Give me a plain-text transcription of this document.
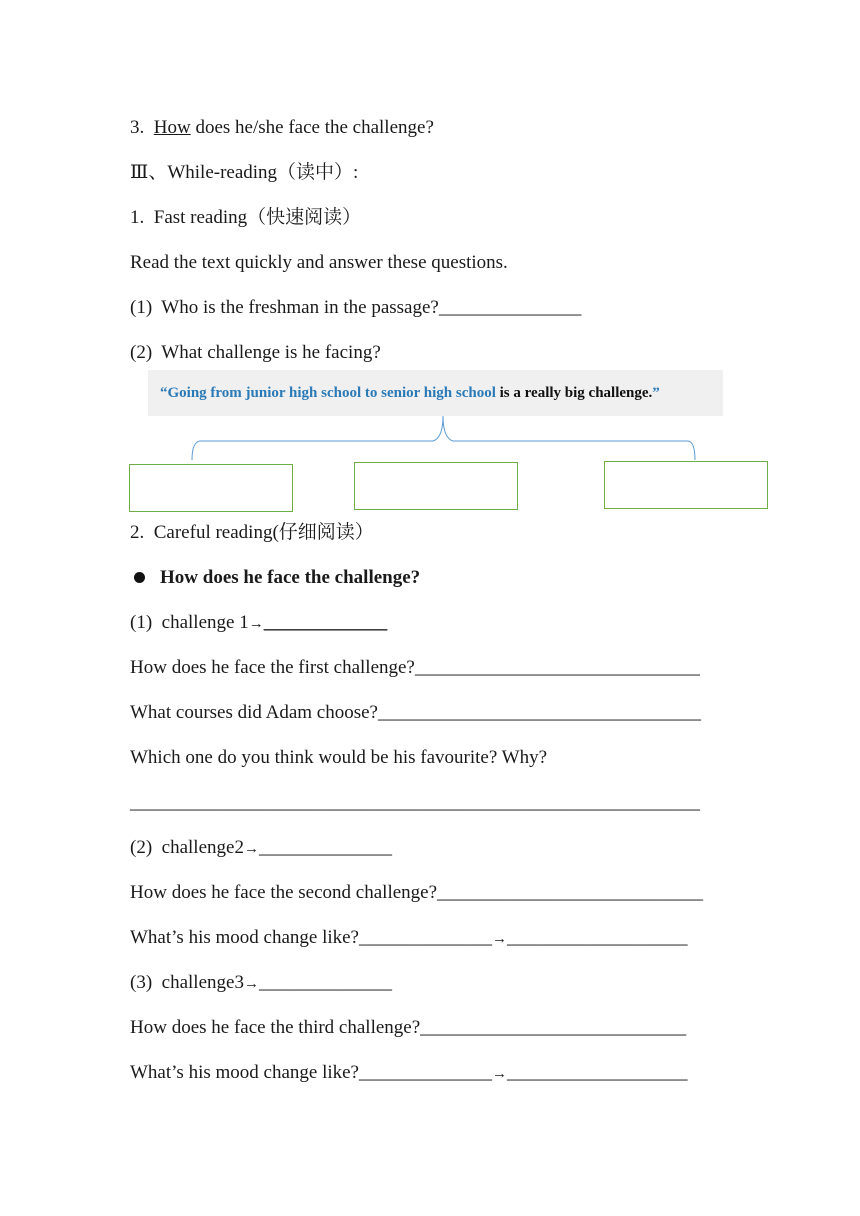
3.  How does he/she face the challenge?
Ⅲ、While-reading（读中）:
1.  Fast reading（快速阅读）
Read the text quickly and answer these questions.
(1)  Who is the freshman in the passage?_______________
(2)  What challenge is he facing?
“Going from junior high school to senior high school is a really big challenge.”
2.  Careful reading(仔细阅读）
How does he face the challenge?
(1)  challenge 1→_____________
How does he face the first challenge?______________________________
What courses did Adam choose?__________________________________
Which one do you think would be his favourite? Why?
____________________________________________________________
(2)  challenge2→______________
How does he face the second challenge?____________________________
What’s his mood change like?______________→___________________
(3)  challenge3→______________
How does he face the third challenge?____________________________
What’s his mood change like?______________→___________________
